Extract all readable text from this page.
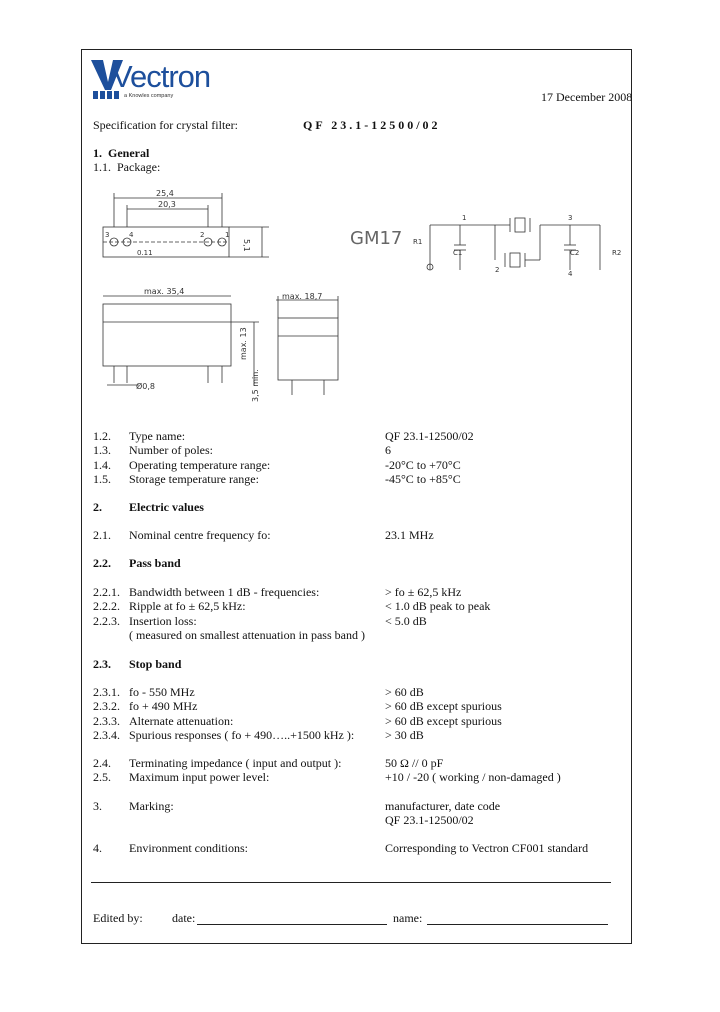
Vectron
a Knowles company	17 December 2008
Specification for crystal filter:	QF 23.1-12500/02
1. General
1.1. Package:
25,4
20,3
3	4	2	1
0.11
5,1
max. 35,4
max. 13
Ø0,8
max. 18,7
3,5 min.
GM17 R1
C1	C2	R2
1
2
3
4
1.2. Type name:	QF 23.1-12500/02
1.3. Number of poles:	6
1.4. Operating temperature range:	-20°C to +70°C
1.5. Storage temperature range:	-45°C to +85°C
2. Electric values
2.1. Nominal centre frequency fo:	23.1 MHz
2.2. Pass band
2.2.1. Bandwidth between 1 dB - frequencies:	> fo ± 62,5 kHz
2.2.2. Ripple at fo ± 62,5 kHz:	< 1.0 dB peak to peak
2.2.3. Insertion loss:	< 5.0 dB
( measured on smallest attenuation in pass band )
2.3. Stop band
2.3.1. fo - 550 MHz	> 60 dB
2.3.2. fo + 490 MHz	> 60 dB except spurious
2.3.3. Alternate attenuation:	> 60 dB except spurious
2.3.4. Spurious responses ( fo + 490…..+1500 kHz ):	> 30 dB
2.4. Terminating impedance ( input and output ):	50 Ω // 0 pF
2.5. Maximum input power level:	+10 / -20 ( working / non-damaged )
3. Marking:	manufacturer, date code
QF 23.1-12500/02
4. Environment conditions:	Corresponding to Vectron CF001 standard
Edited by: date:	name:
